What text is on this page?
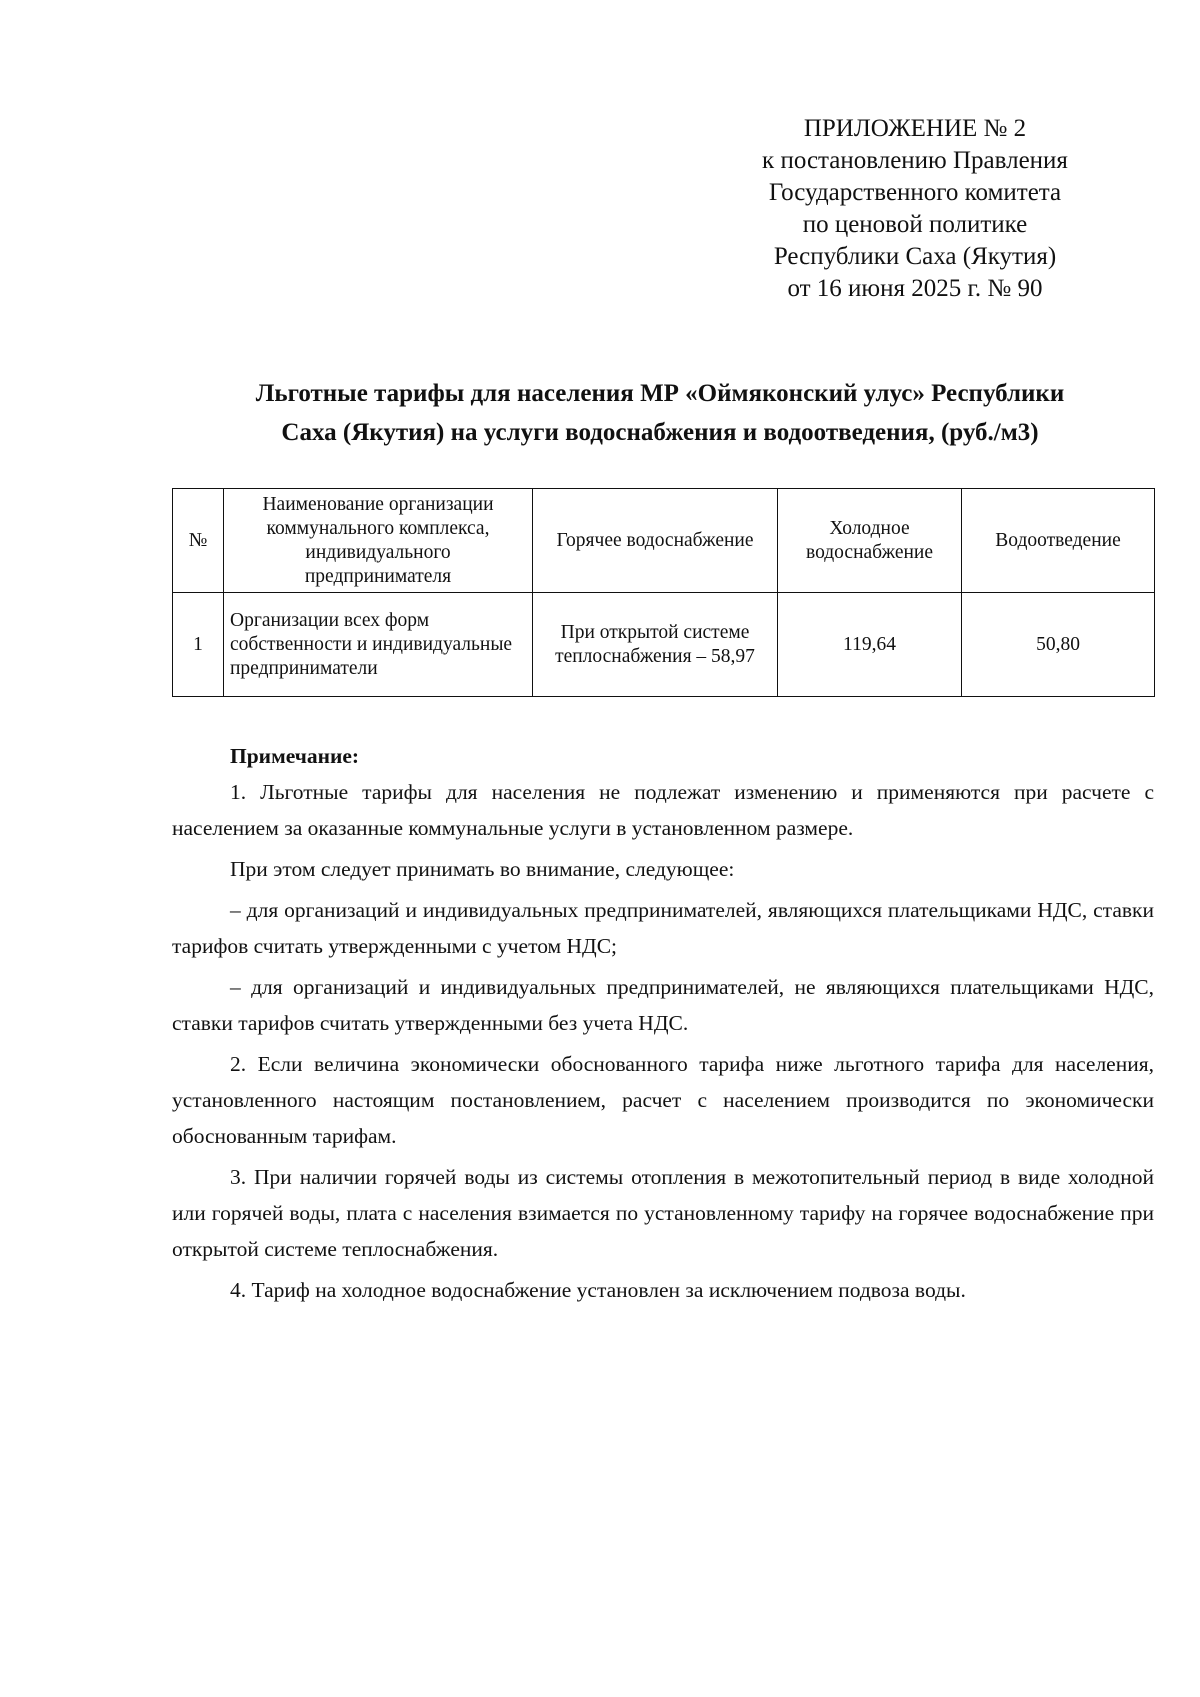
ПРИЛОЖЕНИЕ № 2
к постановлению Правления
Государственного комитета
по ценовой политике
Республики Саха (Якутия)
от 16 июня 2025 г. № 90
Льготные тарифы для населения МР «Оймяконский улус» Республики
Саха (Якутия) на услуги водоснабжения и водоотведения, (руб./м3)
№	Наименование организации коммунального комплекса, индивидуального предпринимателя	Горячее водоснабжение	Холодное водоснабжение	Водоотведение
1	Организации всех форм собственности и индивидуальные предприниматели	При открытой системе теплоснабжения – 58,97	119,64	50,80
Примечание:

1. Льготные тарифы для населения не подлежат изменению и применяются при расчете с населением за оказанные коммунальные услуги в установленном размере.

При этом следует принимать во внимание, следующее:

– для организаций и индивидуальных предпринимателей, являющихся плательщиками НДС, ставки тарифов считать утвержденными с учетом НДС;

– для организаций и индивидуальных предпринимателей, не являющихся плательщиками НДС, ставки тарифов считать утвержденными без учета НДС.

2. Если величина экономически обоснованного тарифа ниже льготного тарифа для населения, установленного настоящим постановлением, расчет с населением производится по экономически обоснованным тарифам.

3. При наличии горячей воды из системы отопления в межотопительный период в виде холодной или горячей воды, плата с населения взимается по установленному тарифу на горячее водоснабжение при открытой системе теплоснабжения.

4. Тариф на холодное водоснабжение установлен за исключением подвоза воды.
